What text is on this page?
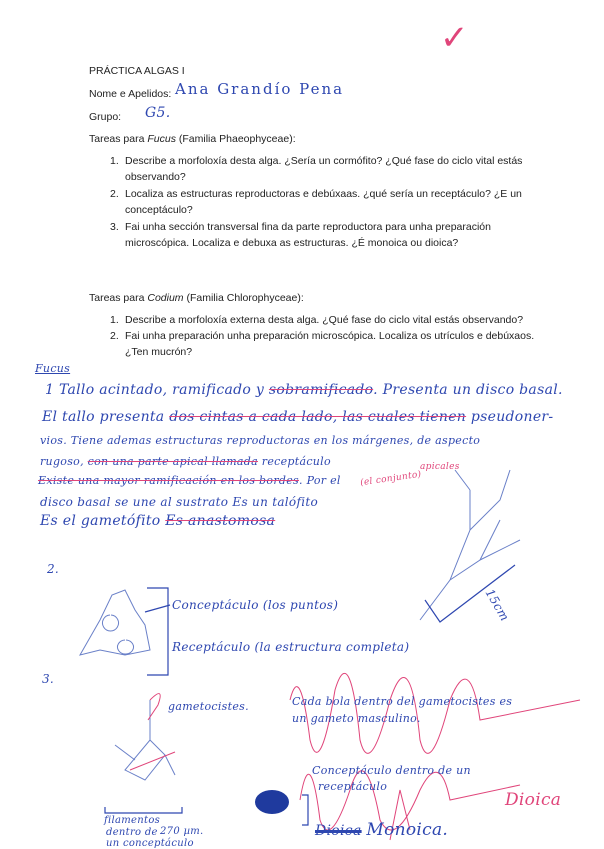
PRÁCTICA ALGAS I
Nome e Apelidos: Ana Grandío Pena
Grupo: G5.
Tareas para Fucus (Familia Phaeophyceae):
1. Describe a morfoloxía desta alga. ¿Sería un cormófito? ¿Qué fase do ciclo vital estás
observando?
2. Localiza as estructuras reproductoras e debúxaas. ¿qué sería un receptáculo? ¿E un
conceptáculo?
3. Fai unha sección transversal fina da parte reproductora para unha preparación
microscópica. Localiza e debuxa as estructuras. ¿É monoica ou dioica?
Tareas para Codium (Familia Chlorophyceae):
1. Describe a morfoloxía externa desta alga. ¿Qué fase do ciclo vital estás observando?
2. Fai unha preparación unha preparación microscópica. Localiza os utrículos e debúxaos.
¿Ten mucrón?
✓
Fucus
1 Tallo acintado, ramificado y sobramificado. Presenta un disco basal.
El tallo presenta dos cintas a cada lado, las cuales tienen pseudoner-
vios. Tiene ademas estructuras reproductoras en los márgenes, de aspecto
rugoso, con una parte apical llamada receptáculo	apicales
Existe una mayor ramificación en los bordes. Por el (el conjunto)
disco basal se une al sustrato Es un talófito
Es el gametófito Es anastomosa
15cm
2.
Conceptáculo (los puntos)
Receptáculo (la estructura completa)
3.
gametocistes.	Cada bola dentro del gametocistes es
un gameto masculino.
filamentos
dentro de
un conceptáculo
Conceptáculo dentro de un
receptáculo
Dioica
Dioica Monoica.
270 µm.
